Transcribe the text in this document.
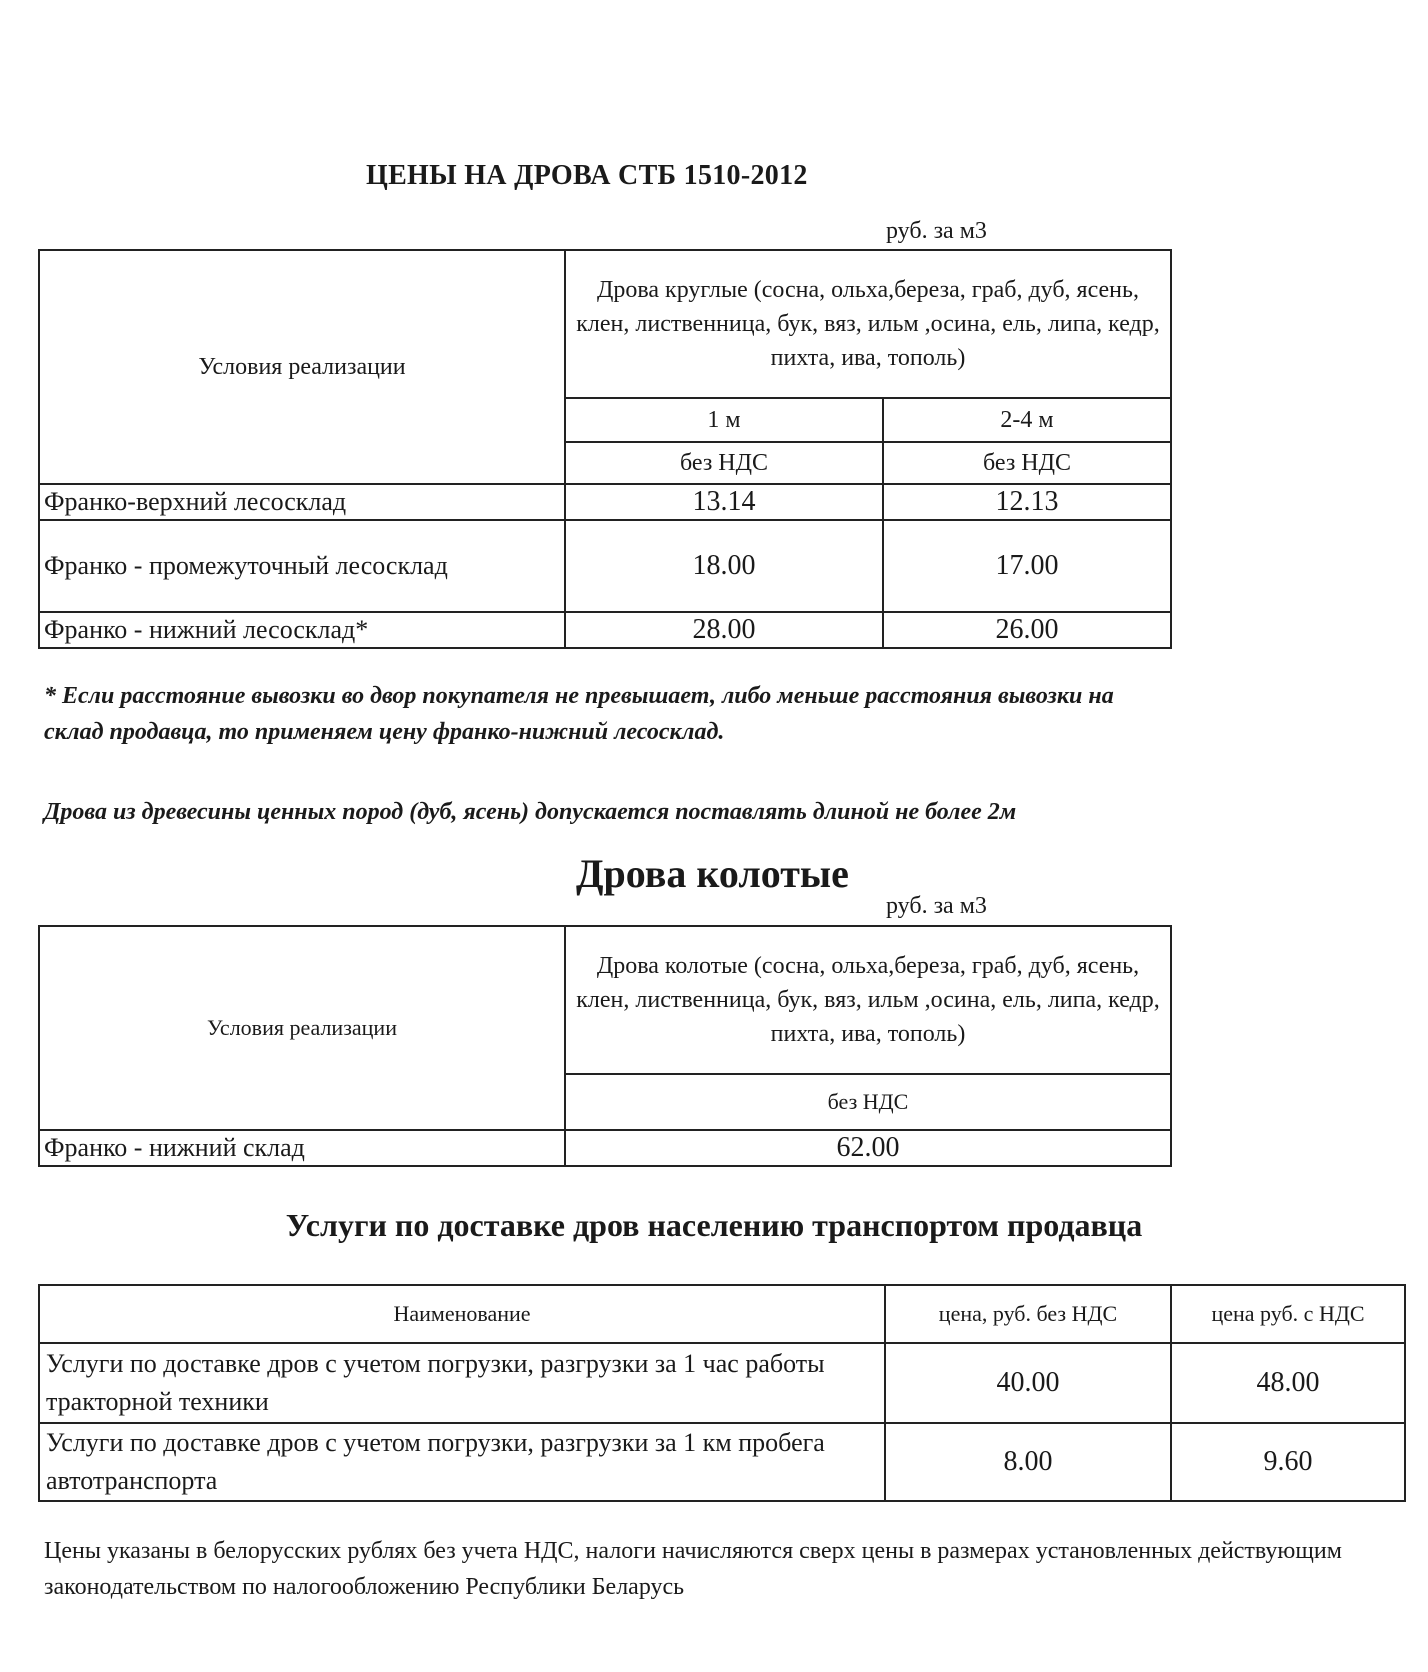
ЦЕНЫ НА ДРОВА СТБ 1510-2012
руб. за м3
Условия реализации	Дрова круглые (сосна, ольха,береза, граб, дуб, ясень, клен, лиственница, бук, вяз, ильм ,осина, ель, липа, кедр, пихта, ива, тополь)	
	1 м	2-4 м
	без НДС	без НДС
Франко-верхний лесосклад	13.14	12.13
Франко - промежуточный лесосклад	18.00	17.00
Франко - нижний лесосклад*	28.00	26.00
* Если расстояние вывозки во двор покупателя не превышает, либо меньше расстояния вывозки на склад продавца, то применяем цену франко-нижний лесосклад.
Дрова из древесины ценных пород (дуб, ясень) допускается поставлять длиной не более 2м
Дрова колотые
руб. за м3
Условия реализации	Дрова колотые (сосна, ольха,береза, граб, дуб, ясень, клен, лиственница, бук, вяз, ильм ,осина, ель, липа, кедр, пихта, ива, тополь)
	без НДС
Франко - нижний склад	62.00
Услуги по доставке дров населению транспортом продавца
Наименование	цена, руб. без НДС	цена руб. с НДС
Услуги по доставке дров с учетом погрузки, разгрузки за 1 час работы тракторной техники	40.00	48.00
Услуги по доставке дров с учетом погрузки, разгрузки за 1 км пробега автотранспорта	8.00	9.60
Цены указаны в белорусских рублях без учета НДС, налоги начисляются сверх цены в размерах установленных действующим законодательством по налогообложению Республики Беларусь
